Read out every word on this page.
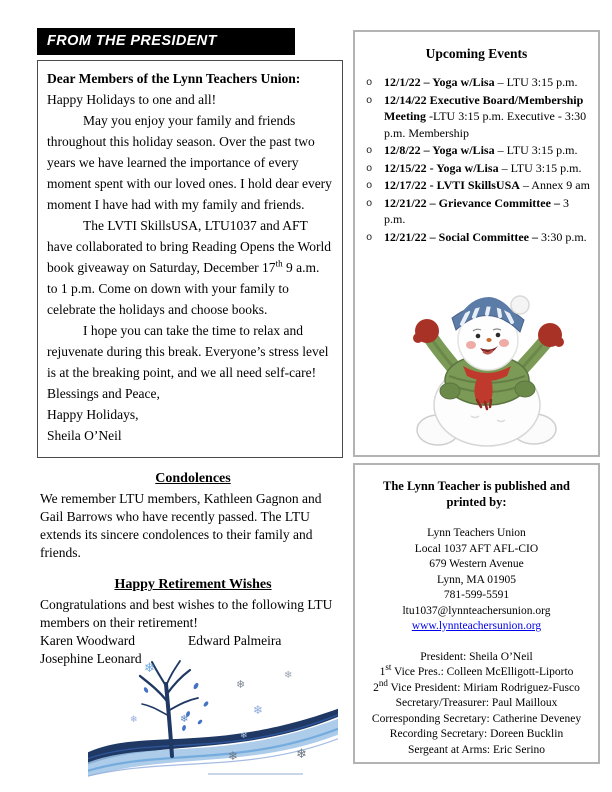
FROM THE PRESIDENT

Dear Members of the Lynn Teachers Union:

Happy Holidays to one and all!

May you enjoy your family and friends throughout this holiday season. Over the past two years we have learned the importance of every moment spent with our loved ones. I hold dear every moment I have had with my family and friends.

The LVTI SkillsUSA, LTU1037 and AFT have collaborated to bring Reading Opens the World book giveaway on Saturday, December 17th 9 a.m. to 1 p.m. Come on down with your family to celebrate the holidays and choose books.

I hope you can take the time to relax and rejuvenate during this break. Everyone’s stress level is at the breaking point, and we all need self-care!

Blessings and Peace,

Happy Holidays,

Sheila O’Neil

Condolences

We remember LTU members, Kathleen Gagnon and Gail Barrows who have recently passed. The LTU extends its sincere condolences to their family and friends.

Happy Retirement Wishes

Congratulations and best wishes to the following LTU members on their retirement!

Karen Woodward	Edward Palmeira
Josephine Leonard
❄
❄
❄
❄
❄
❄
❄	❄
❄
Upcoming Events
o 12/1/22 – Yoga w/Lisa – LTU 3:15 p.m.
o 12/14/22 Executive Board/Membership Meeting -LTU 3:15 p.m. Executive - 3:30 p.m. Membership
o 12/8/22 – Yoga w/Lisa – LTU 3:15 p.m.
o 12/15/22 - Yoga w/Lisa – LTU 3:15 p.m.
o 12/17/22 - LVTI SkillsUSA – Annex 9 am
o 12/21/22 – Grievance Committee – 3 p.m.
o 12/21/22 – Social Committee – 3:30 p.m.
The Lynn Teacher is published and printed by:
Lynn Teachers Union
Local 1037 AFT AFL-CIO
679 Western Avenue
Lynn, MA 01905
781-599-5591
ltu1037@lynnteachersunion.org
www.lynnteachersunion.org
President: Sheila O’Neil
1st Vice Pres.: Colleen McElligott-Liporto
2nd Vice President: Miriam Rodriguez-Fusco
Secretary/Treasurer: Paul Mailloux
Corresponding Secretary: Catherine Deveney
Recording Secretary: Doreen Bucklin
Sergeant at Arms: Eric Serino
